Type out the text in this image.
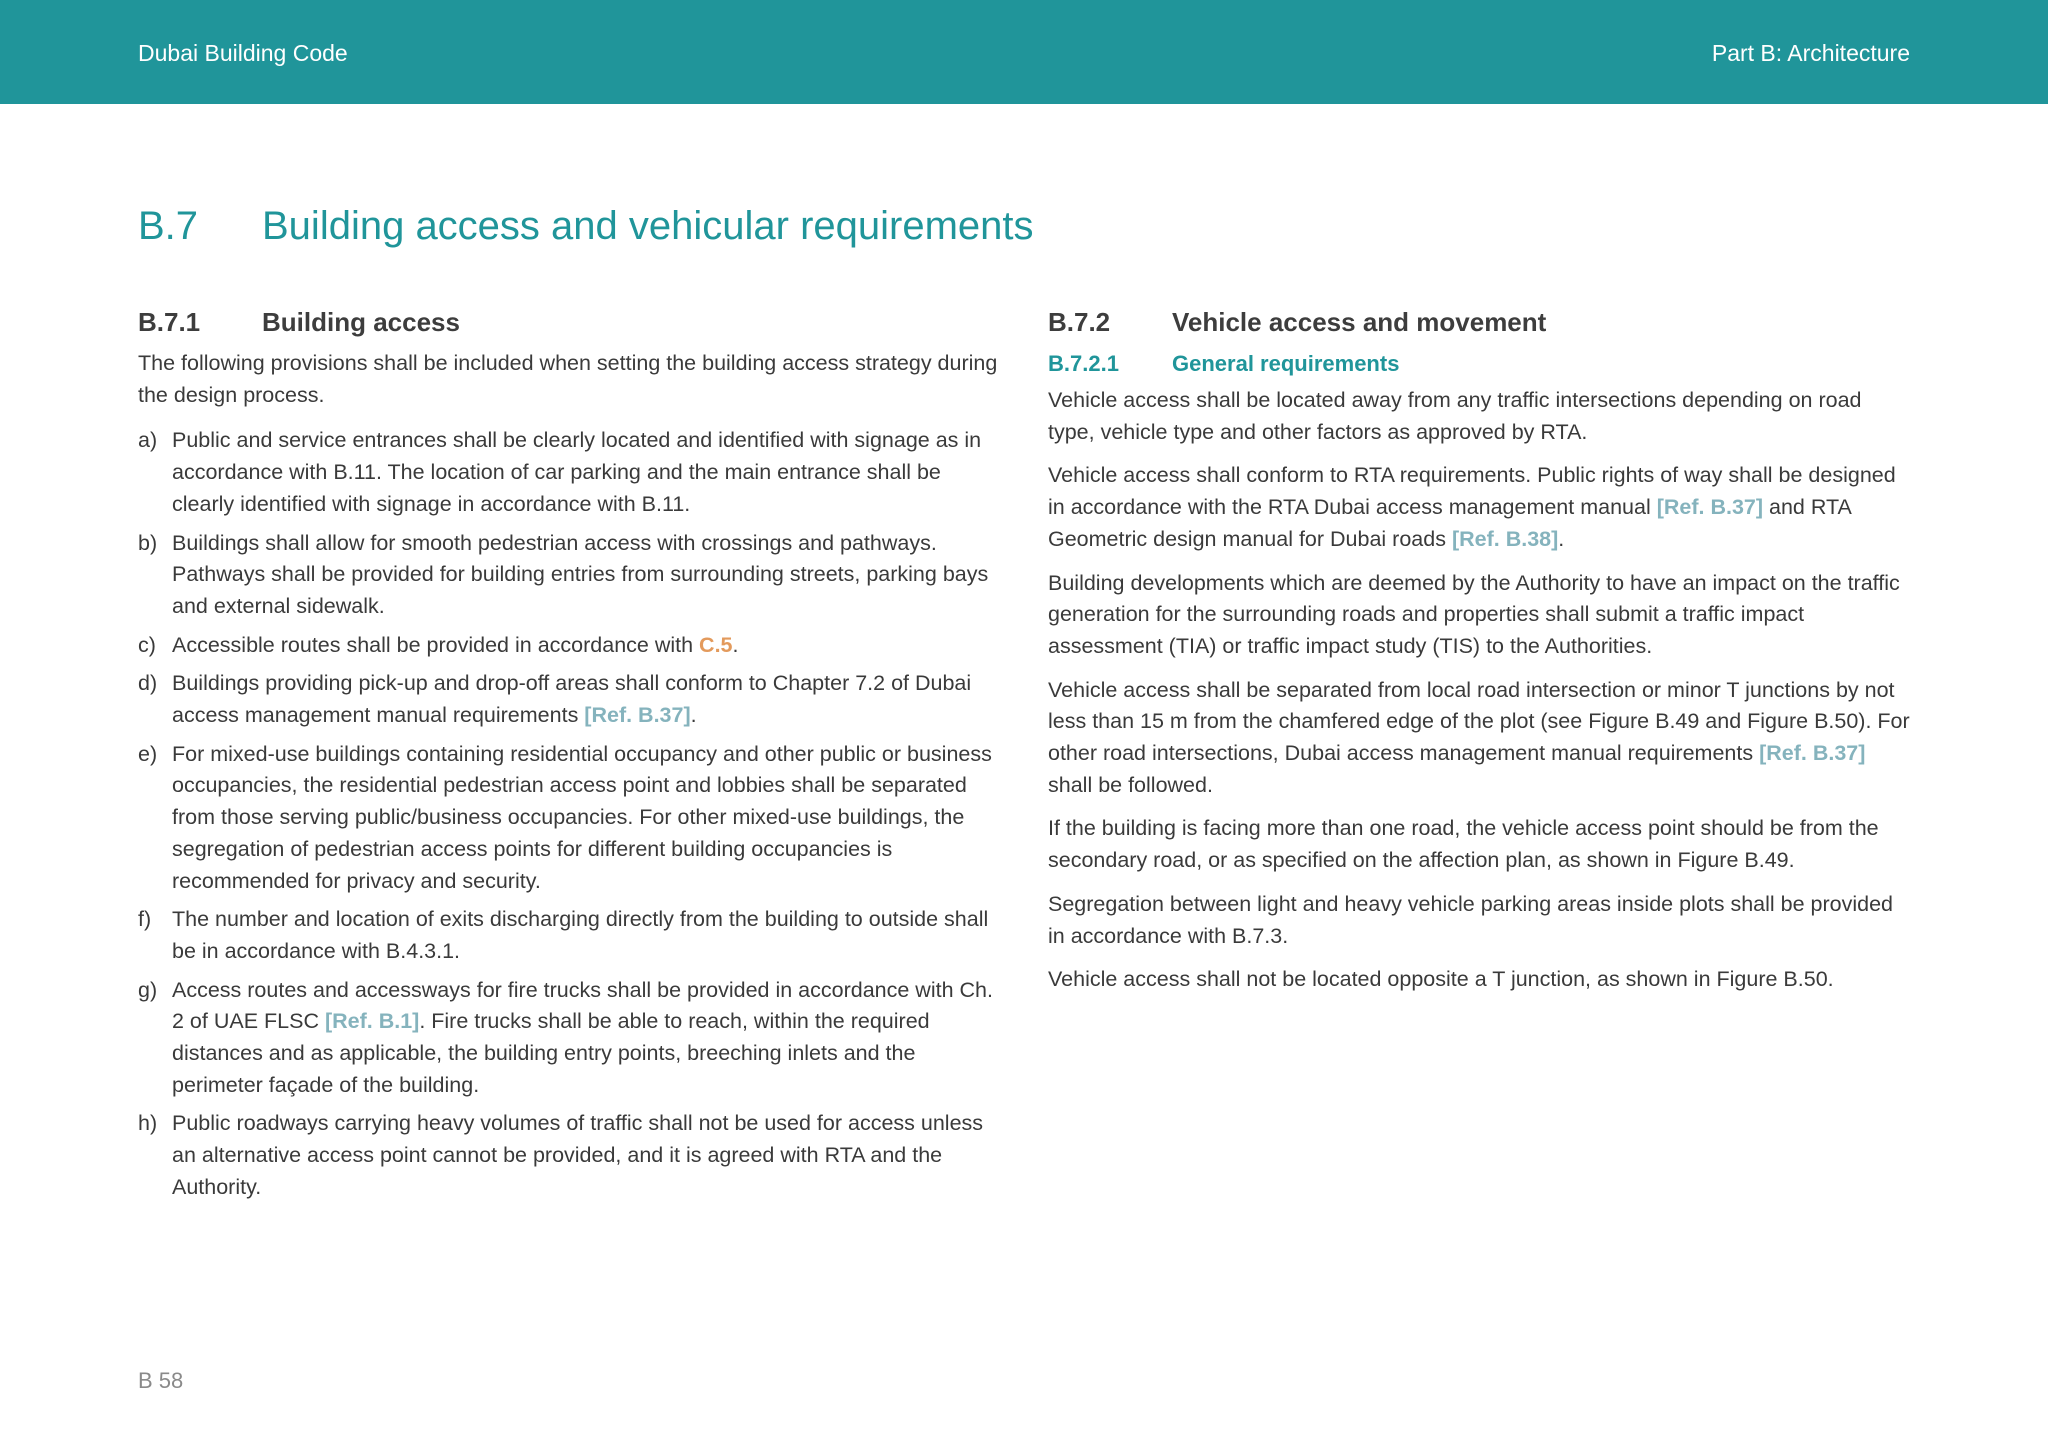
Dubai Building Code	Part B: Architecture
B.7 Building access and vehicular requirements
B.7.1 Building access
The following provisions shall be included when setting the building access strategy during the design process.
a) Public and service entrances shall be clearly located and identified with signage as in accordance with B.11. The location of car parking and the main entrance shall be clearly identified with signage in accordance with B.11.
b) Buildings shall allow for smooth pedestrian access with crossings and pathways. Pathways shall be provided for building entries from surrounding streets, parking bays and external sidewalk.
c) Accessible routes shall be provided in accordance with C.5.
d) Buildings providing pick-up and drop-off areas shall conform to Chapter 7.2 of Dubai access management manual requirements [Ref. B.37].
e) For mixed-use buildings containing residential occupancy and other public or business occupancies, the residential pedestrian access point and lobbies shall be separated from those serving public/business occupancies. For other mixed-use buildings, the segregation of pedestrian access points for different building occupancies is recommended for privacy and security.
f) The number and location of exits discharging directly from the building to outside shall be in accordance with B.4.3.1.
g) Access routes and accessways for fire trucks shall be provided in accordance with Ch. 2 of UAE FLSC [Ref. B.1]. Fire trucks shall be able to reach, within the required distances and as applicable, the building entry points, breeching inlets and the perimeter façade of the building.
h) Public roadways carrying heavy volumes of traffic shall not be used for access unless an alternative access point cannot be provided, and it is agreed with RTA and the Authority.
B.7.2 Vehicle access and movement
B.7.2.1 General requirements
Vehicle access shall be located away from any traffic intersections depending on road type, vehicle type and other factors as approved by RTA.
Vehicle access shall conform to RTA requirements. Public rights of way shall be designed in accordance with the RTA Dubai access management manual [Ref. B.37] and RTA Geometric design manual for Dubai roads [Ref. B.38].
Building developments which are deemed by the Authority to have an impact on the traffic generation for the surrounding roads and properties shall submit a traffic impact assessment (TIA) or traffic impact study (TIS) to the Authorities.
Vehicle access shall be separated from local road intersection or minor T junctions by not less than 15 m from the chamfered edge of the plot (see Figure B.49 and Figure B.50). For other road intersections, Dubai access management manual requirements [Ref. B.37] shall be followed.
If the building is facing more than one road, the vehicle access point should be from the secondary road, or as specified on the affection plan, as shown in Figure B.49.
Segregation between light and heavy vehicle parking areas inside plots shall be provided in accordance with B.7.3.
Vehicle access shall not be located opposite a T junction, as shown in Figure B.50.
B 58
